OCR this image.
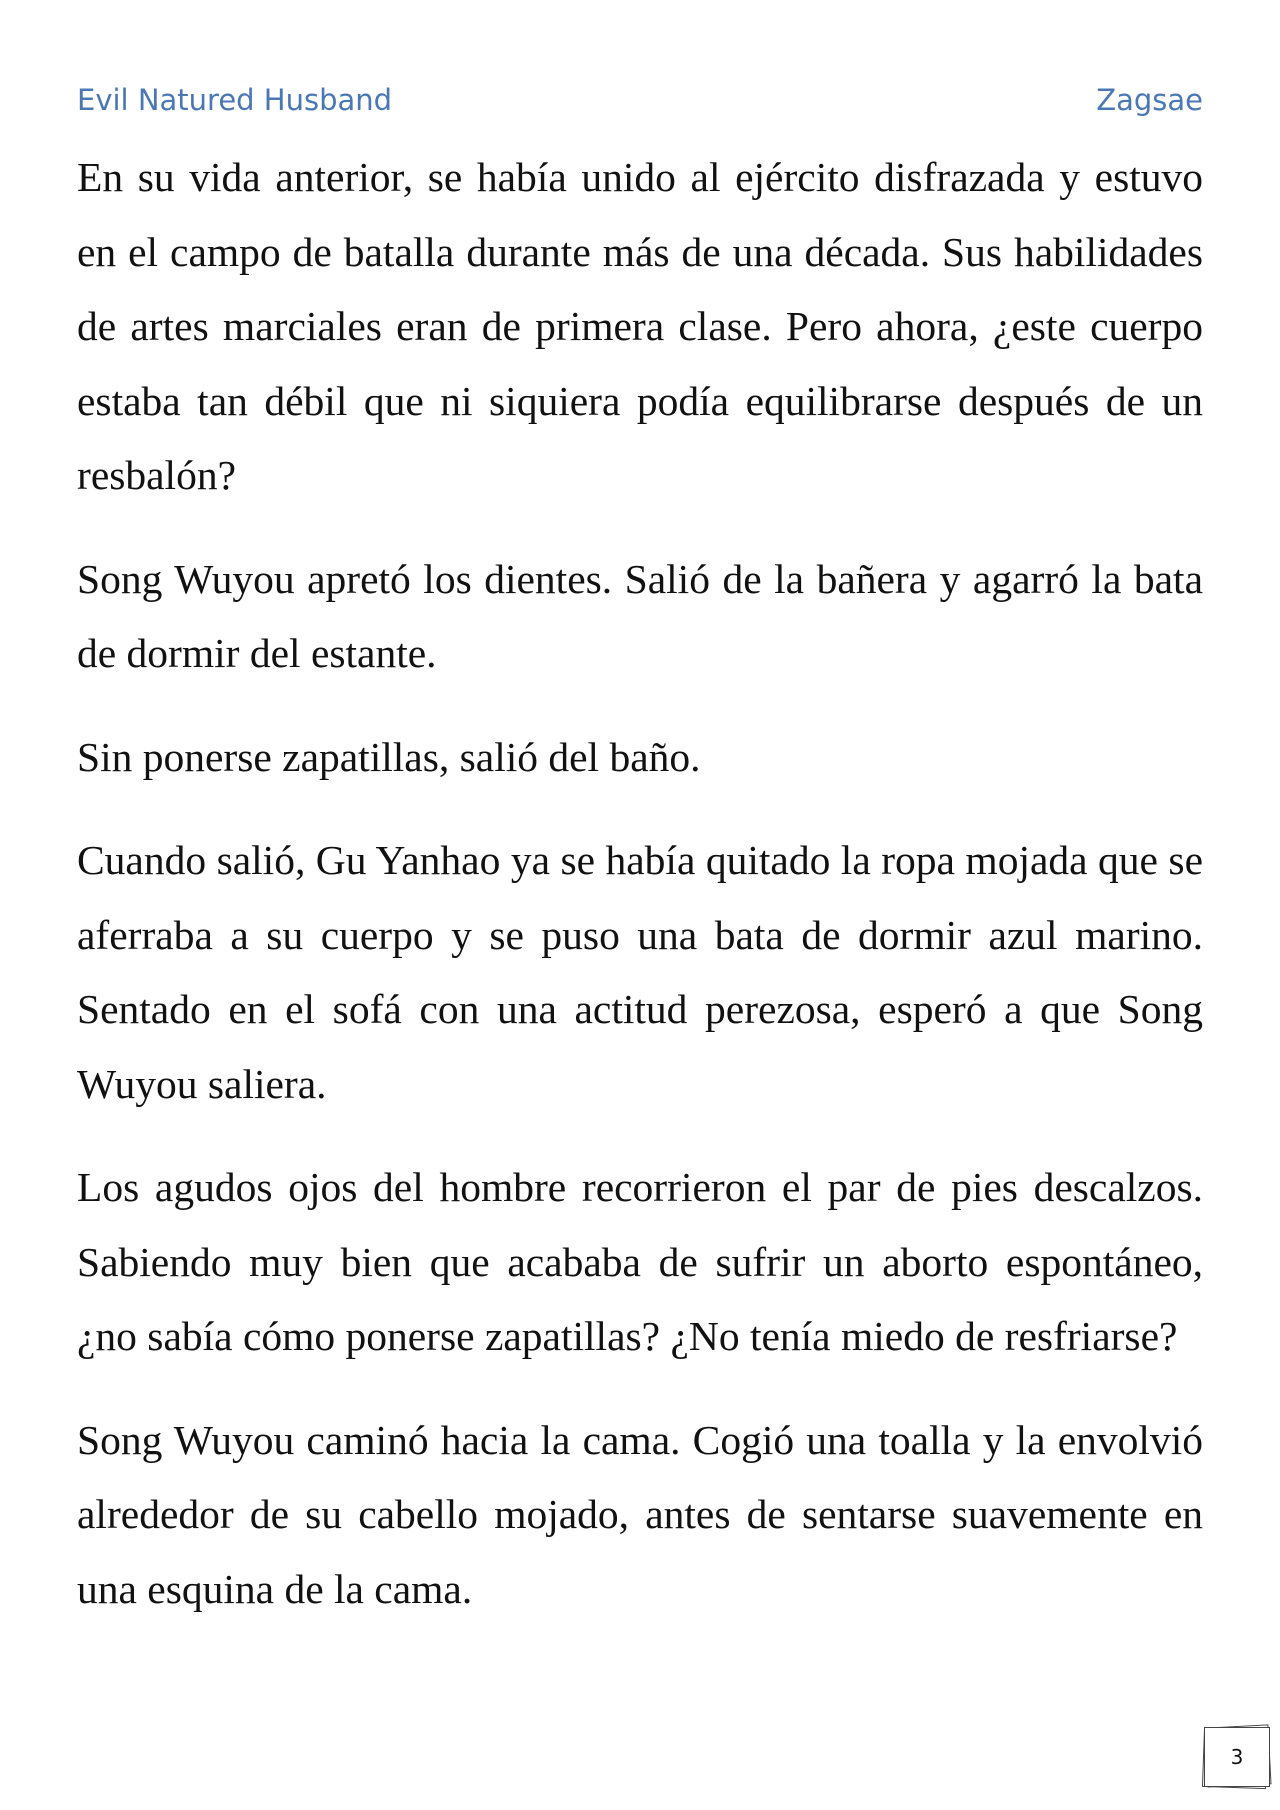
Evil Natured Husband	Zagsae

En su vida anterior, se había unido al ejército disfrazada y estuvo en el campo de batalla durante más de una década. Sus habilidades de artes marciales eran de primera clase. Pero ahora, ¿este cuerpo estaba tan débil que ni siquiera podía equilibrarse después de un resbalón?

Song Wuyou apretó los dientes. Salió de la bañera y agarró la bata de dormir del estante.

Sin ponerse zapatillas, salió del baño.

Cuando salió, Gu Yanhao ya se había quitado la ropa mojada que se aferraba a su cuerpo y se puso una bata de dormir azul marino. Sentado en el sofá con una actitud perezosa, esperó a que Song Wuyou saliera.

Los agudos ojos del hombre recorrieron el par de pies descalzos. Sabiendo muy bien que acababa de sufrir un aborto espontáneo, ¿no sabía cómo ponerse zapatillas? ¿No tenía miedo de resfriarse?

Song Wuyou caminó hacia la cama. Cogió una toalla y la envolvió alrededor de su cabello mojado, antes de sentarse suavemente en una esquina de la cama.

3
